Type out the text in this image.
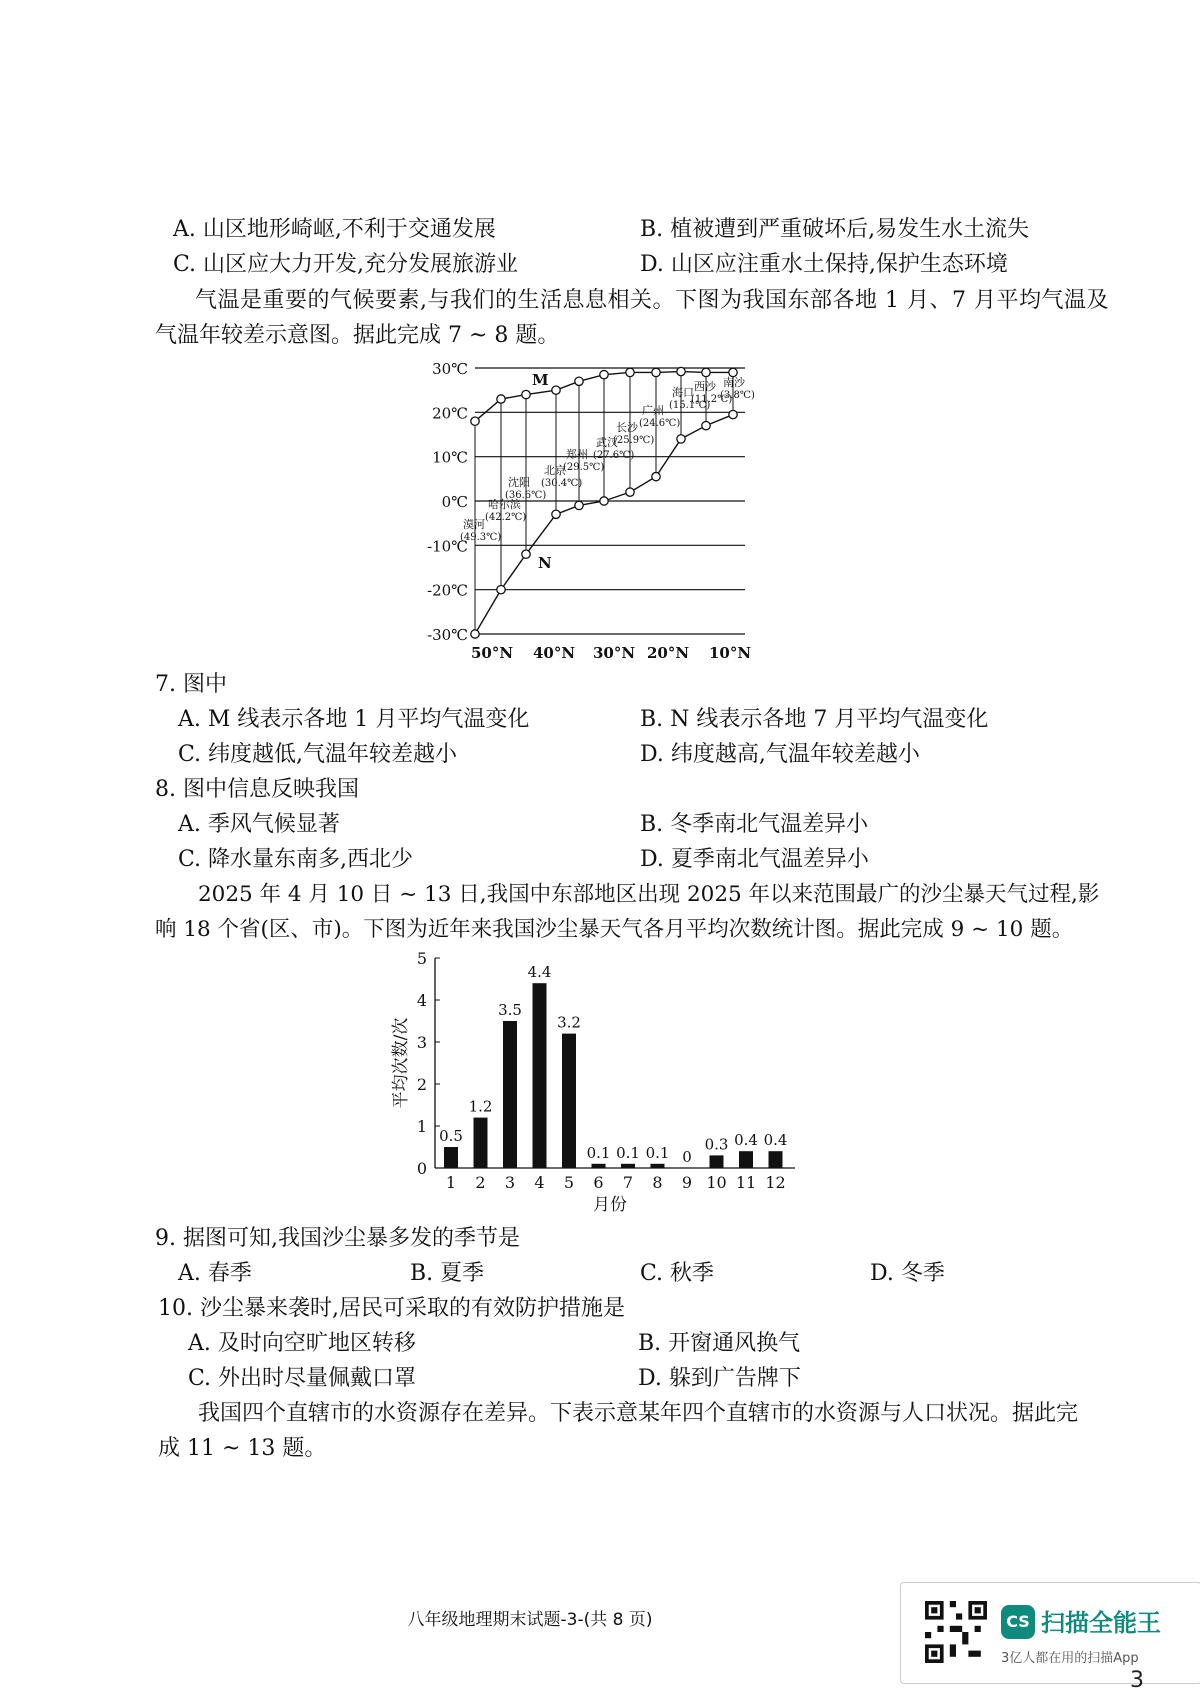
A. 山区地形崎岖,不利于交通发展	B. 植被遭到严重破坏后,易发生水土流失
C. 山区应大力开发,充分发展旅游业	D. 山区应注重水土保持,保护生态环境
气温是重要的气候要素,与我们的生活息息相关。下图为我国东部各地 1 月、7 月平均气温及
气温年较差示意图。据此完成 7 ~ 8 题。
30℃
20℃
10℃
0℃
-10℃
-20℃
-30℃
M
N
漠河
(49.3℃)
哈尔滨
(42.2℃)
沈阳
(36.6℃)
北京
(30.4℃)
郑州
(29.5℃)
武汉
(27.6℃)
长沙
(25.9℃)
广州
(24.6℃)
海口
(15.1℃)
西沙
(11.2℃)
南沙
(3.8℃)
50°N 40°N 30°N 20°N 10°N
7. 图中
A. M 线表示各地 1 月平均气温变化	B. N 线表示各地 7 月平均气温变化
C. 纬度越低,气温年较差越小	D. 纬度越高,气温年较差越小
8. 图中信息反映我国
A. 季风气候显著	B. 冬季南北气温差异小
C. 降水量东南多,西北少	D. 夏季南北气温差异小
2025 年 4 月 10 日 ~ 13 日,我国中东部地区出现 2025 年以来范围最广的沙尘暴天气过程,影
响 18 个省(区、市)。下图为近年来我国沙尘暴天气各月平均次数统计图。据此完成 9 ~ 10 题。
0
1
2
3
4
5
0.5
1
1.2
2
3.5
3
4.4
4
3.2
5
0.1
6
0.1
7
0.1
8
0
9
0.3
10
0.4
11
0.4
12
月份
平均次数/次
9. 据图可知,我国沙尘暴多发的季节是
A. 春季	B. 夏季	C. 秋季	D. 冬季
10. 沙尘暴来袭时,居民可采取的有效防护措施是
A. 及时向空旷地区转移	B. 开窗通风换气
C. 外出时尽量佩戴口罩	D. 躲到广告牌下
我国四个直辖市的水资源存在差异。下表示意某年四个直辖市的水资源与人口状况。据此完
成 11 ~ 13 题。
八年级地理期末试题-3-(共 8 页)	CS 扫描全能王
3亿人都在用的扫描App
3
